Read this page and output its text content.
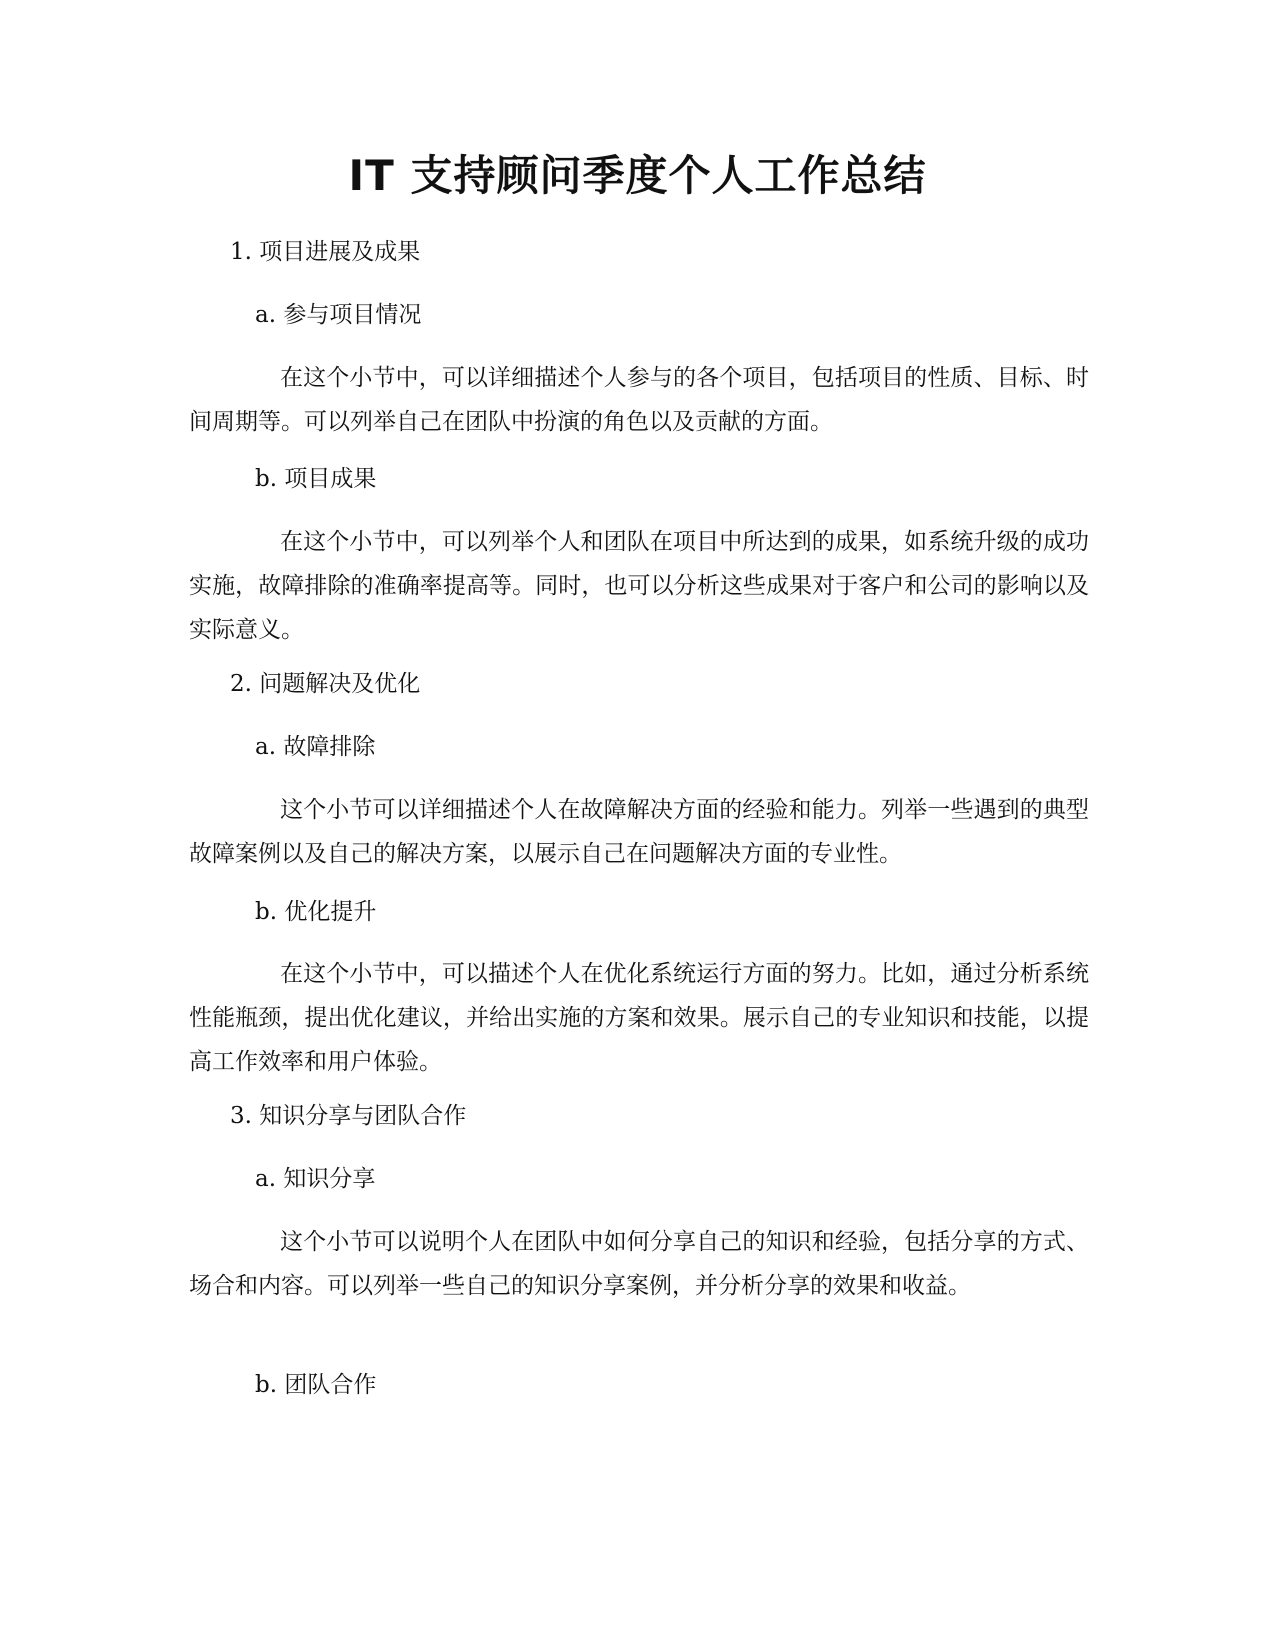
IT 支持顾问季度个人工作总结
1. 项目进展及成果
a. 参与项目情况

在这个小节中，可以详细描述个人参与的各个项目，包括项目的性质、目标、时间周期等。可以列举自己在团队中扮演的角色以及贡献的方面。

b. 项目成果

在这个小节中，可以列举个人和团队在项目中所达到的成果，如系统升级的成功实施，故障排除的准确率提高等。同时，也可以分析这些成果对于客户和公司的影响以及实际意义。

2. 问题解决及优化
a. 故障排除

这个小节可以详细描述个人在故障解决方面的经验和能力。列举一些遇到的典型故障案例以及自己的解决方案，以展示自己在问题解决方面的专业性。

b. 优化提升

在这个小节中，可以描述个人在优化系统运行方面的努力。比如，通过分析系统性能瓶颈，提出优化建议，并给出实施的方案和效果。展示自己的专业知识和技能，以提高工作效率和用户体验。

3. 知识分享与团队合作
a. 知识分享

这个小节可以说明个人在团队中如何分享自己的知识和经验，包括分享的方式、场合和内容。可以列举一些自己的知识分享案例，并分析分享的效果和收益。

b. 团队合作
